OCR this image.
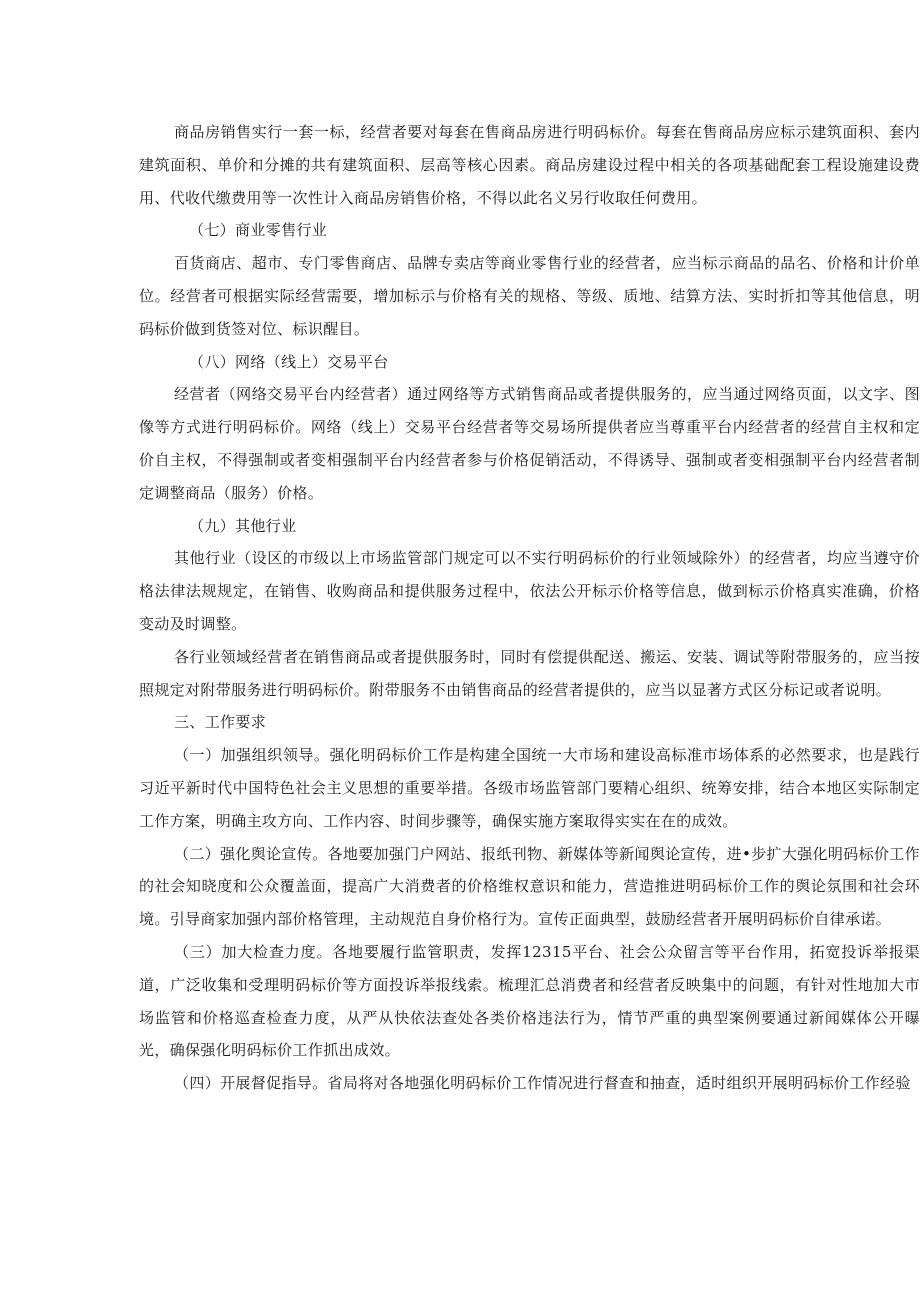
商品房销售实行一套一标，经营者要对每套在售商品房进行明码标价。每套在售商品房应标示建筑面积、套内建筑面积、单价和分摊的共有建筑面积、层高等核心因素。商品房建设过程中相关的各项基础配套工程设施建设费用、代收代缴费用等一次性计入商品房销售价格，不得以此名义另行收取任何费用。

（七）商业零售行业

百货商店、超市、专门零售商店、品牌专卖店等商业零售行业的经营者，应当标示商品的品名、价格和计价单位。经营者可根据实际经营需要，增加标示与价格有关的规格、等级、质地、结算方法、实时折扣等其他信息，明码标价做到货签对位、标识醒目。

（八）网络（线上）交易平台

经营者（网络交易平台内经营者）通过网络等方式销售商品或者提供服务的，应当通过网络页面，以文字、图像等方式进行明码标价。网络（线上）交易平台经营者等交易场所提供者应当尊重平台内经营者的经营自主权和定价自主权，不得强制或者变相强制平台内经营者参与价格促销活动，不得诱导、强制或者变相强制平台内经营者制定调整商品（服务）价格。

（九）其他行业

其他行业（设区的市级以上市场监管部门规定可以不实行明码标价的行业领域除外）的经营者，均应当遵守价格法律法规规定，在销售、收购商品和提供服务过程中，依法公开标示价格等信息，做到标示价格真实准确，价格变动及时调整。

各行业领域经营者在销售商品或者提供服务时，同时有偿提供配送、搬运、安装、调试等附带服务的，应当按照规定对附带服务进行明码标价。附带服务不由销售商品的经营者提供的，应当以显著方式区分标记或者说明。

三、工作要求

（一）加强组织领导。强化明码标价工作是构建全国统一大市场和建设高标准市场体系的必然要求，也是践行习近平新时代中国特色社会主义思想的重要举措。各级市场监管部门要精心组织、统筹安排，结合本地区实际制定工作方案，明确主攻方向、工作内容、时间步骤等，确保实施方案取得实实在在的成效。

（二）强化舆论宣传。各地要加强门户网站、报纸刊物、新媒体等新闻舆论宣传，进•步扩大强化明码标价工作的社会知晓度和公众覆盖面，提高广大消费者的价格维权意识和能力，营造推进明码标价工作的舆论氛围和社会环境。引导商家加强内部价格管理，主动规范自身价格行为。宣传正面典型，鼓励经营者开展明码标价自律承诺。

（三）加大检查力度。各地要履行监管职责，发挥12315平台、社会公众留言等平台作用，拓宽投诉举报渠道，广泛收集和受理明码标价等方面投诉举报线索。梳理汇总消费者和经营者反映集中的问题，有针对性地加大市场监管和价格巡查检查力度，从严从快依法查处各类价格违法行为，情节严重的典型案例要通过新闻媒体公开曝光，确保强化明码标价工作抓出成效。

（四）开展督促指导。省局将对各地强化明码标价工作情况进行督查和抽查，适时组织开展明码标价工作经验
